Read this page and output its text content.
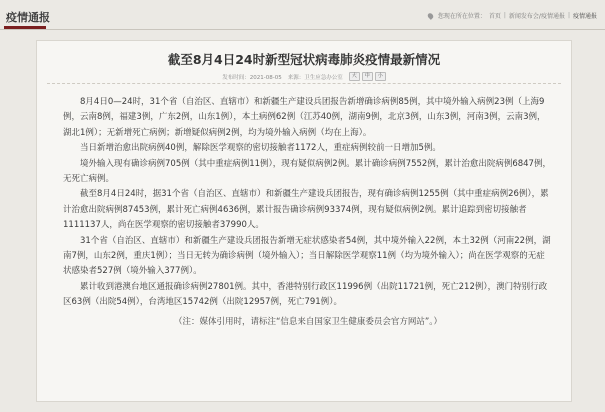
疫情通报	您现在所在位置： 首页 | 新闻发布会/疫情通报 | 疫情通报
截至8月4日24时新型冠状病毒肺炎疫情最新情况
发布时间：2021-08-05 来源：卫生应急办公室	大	中	小

8月4日0—24时，31个省（自治区、直辖市）和新疆生产建设兵团报告新增确诊病例85例，其中境外输入病例23例（上海9例，云南8例，福建3例，广东2例，山东1例），本土病例62例（江苏40例，湖南9例，北京3例，山东3例，河南3例，云南3例，湖北1例）；无新增死亡病例；新增疑似病例2例，均为境外输入病例（均在上海）。

当日新增治愈出院病例40例，解除医学观察的密切接触者1172人，重症病例较前一日增加5例。

境外输入现有确诊病例705例（其中重症病例11例），现有疑似病例2例。累计确诊病例7552例，累计治愈出院病例6847例，无死亡病例。

截至8月4日24时，据31个省（自治区、直辖市）和新疆生产建设兵团报告，现有确诊病例1255例（其中重症病例26例），累计治愈出院病例87453例，累计死亡病例4636例，累计报告确诊病例93374例，现有疑似病例2例。累计追踪到密切接触者1111137人，尚在医学观察的密切接触者37990人。

31个省（自治区、直辖市）和新疆生产建设兵团报告新增无症状感染者54例，其中境外输入22例，本土32例（河南22例，湖南7例，山东2例，重庆1例）；当日无转为确诊病例（境外输入）；当日解除医学观察11例（均为境外输入）；尚在医学观察的无症状感染者527例（境外输入377例）。

累计收到港澳台地区通报确诊病例27801例。其中，香港特别行政区11996例（出院11721例，死亡212例），澳门特别行政区63例（出院54例），台湾地区15742例（出院12957例，死亡791例）。

（注：媒体引用时，请标注“信息来自国家卫生健康委员会官方网站”。）
